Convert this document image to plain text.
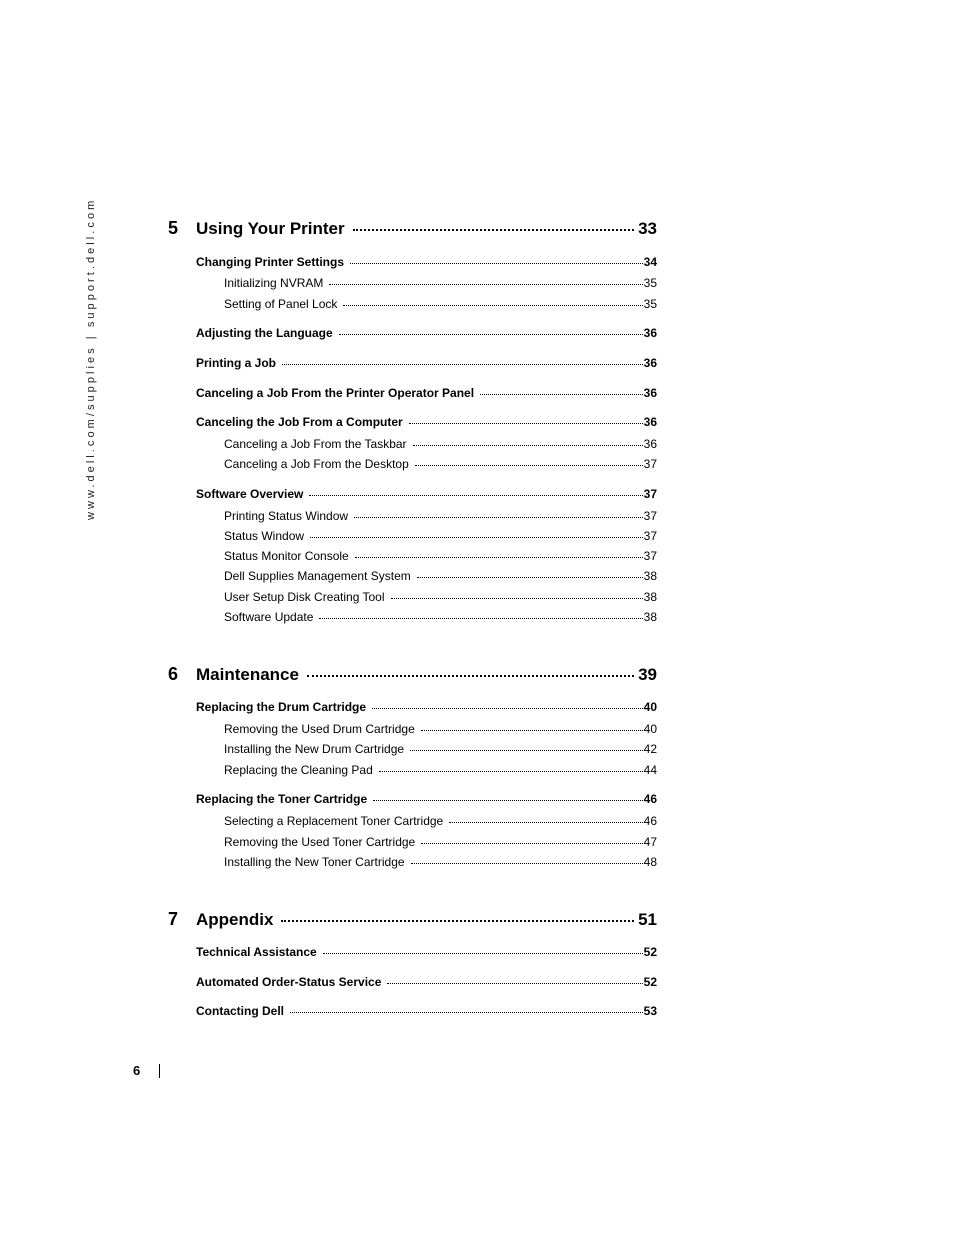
www.dell.com/supplies | support.dell.com	5	Using Your Printer	33
Changing Printer Settings	34
Initializing NVRAM	35
Setting of Panel Lock	35
Adjusting the Language	36
Printing a Job	36
Canceling a Job From the Printer Operator Panel	36
Canceling the Job From a Computer	36
Canceling a Job From the Taskbar	36
Canceling a Job From the Desktop	37
Software Overview	37
Printing Status Window	37
Status Window	37
Status Monitor Console	37
Dell Supplies Management System	38
User Setup Disk Creating Tool	38
Software Update	38
6	Maintenance	39
Replacing the Drum Cartridge	40
Removing the Used Drum Cartridge	40
Installing the New Drum Cartridge	42
Replacing the Cleaning Pad	44
Replacing the Toner Cartridge	46
Selecting a Replacement Toner Cartridge	46
Removing the Used Toner Cartridge	47
Installing the New Toner Cartridge	48
7	Appendix	51
Technical Assistance	52
Automated Order-Status Service	52
Contacting Dell	53
6
